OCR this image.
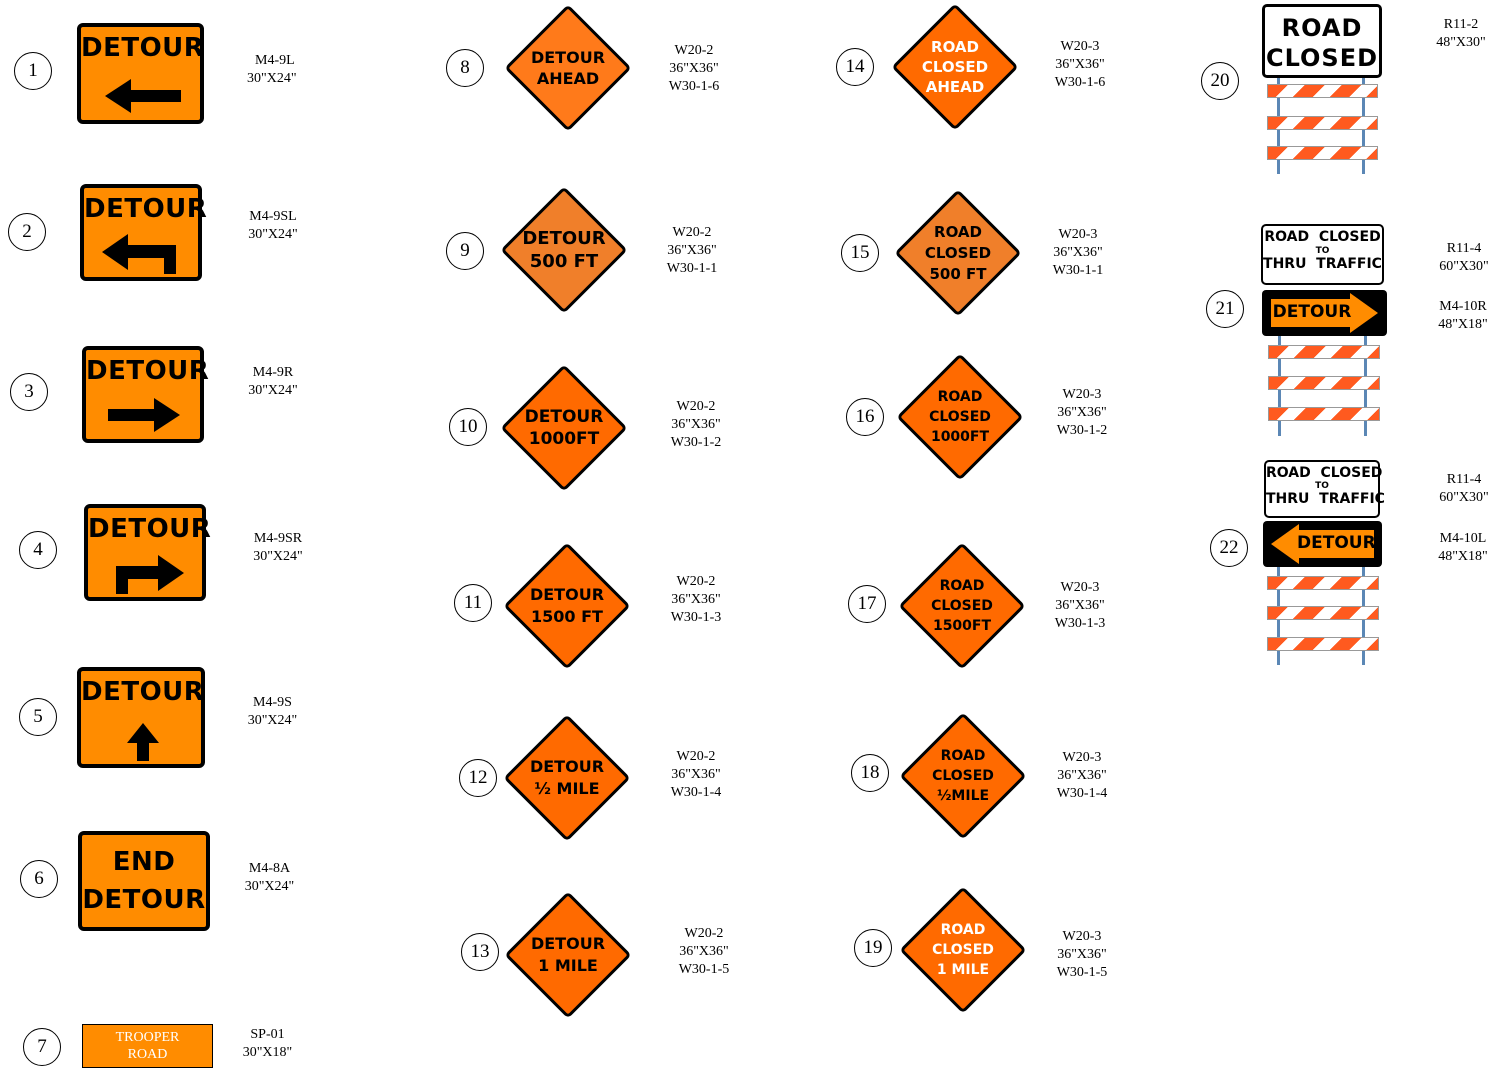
1
DETOUR	M4-9L
30"X24"
2
DETOUR	M4-9SL
30"X24"
3
DETOUR	M4-9R
30"X24"
4
DETOUR	M4-9SR
30"X24"
5
DETOUR	M4-9S
30"X24"
6
END
DETOUR
M4-8A
30"X24"
7	TROOPER
ROAD
SP-01
30"X18"
8	DETOUR
AHEAD
W20-2
36"X36"
W30-1-6
9
DETOUR
500 FT
W20-2
36"X36"
W30-1-1
10	DETOUR
1000FT
W20-2
36"X36"
W30-1-2
11	DETOUR
1500 FT
W20-2
36"X36"
W30-1-3
12
DETOUR
½ MILE
W20-2
36"X36"
W30-1-4
13	DETOUR
1 MILE
W20-2
36"X36"
W30-1-5
14
ROAD
CLOSED
AHEAD
W20-3
36"X36"
W30-1-6
15
ROAD
CLOSED
500 FT
W20-3
36"X36"
W30-1-1
16
ROAD
CLOSED
1000FT
W20-3
36"X36"
W30-1-2
17
ROAD
CLOSED
1500FT
W20-3
36"X36"
W30-1-3
18
ROAD
CLOSED
½MILE
W20-3
36"X36"
W30-1-4
19
ROAD
CLOSED
1 MILE
W20-3
36"X36"
W30-1-5
20
ROAD
CLOSED
R11-2
48"X30"
21
ROAD  CLOSED
TO
THRU  TRAFFIC
DETOUR
R11-4
60"X30"
M4-10R
48"X18"
22
ROAD  CLOSED
TO
THRU  TRAFFIC
DETOUR
R11-4
60"X30"
M4-10L
48"X18"
